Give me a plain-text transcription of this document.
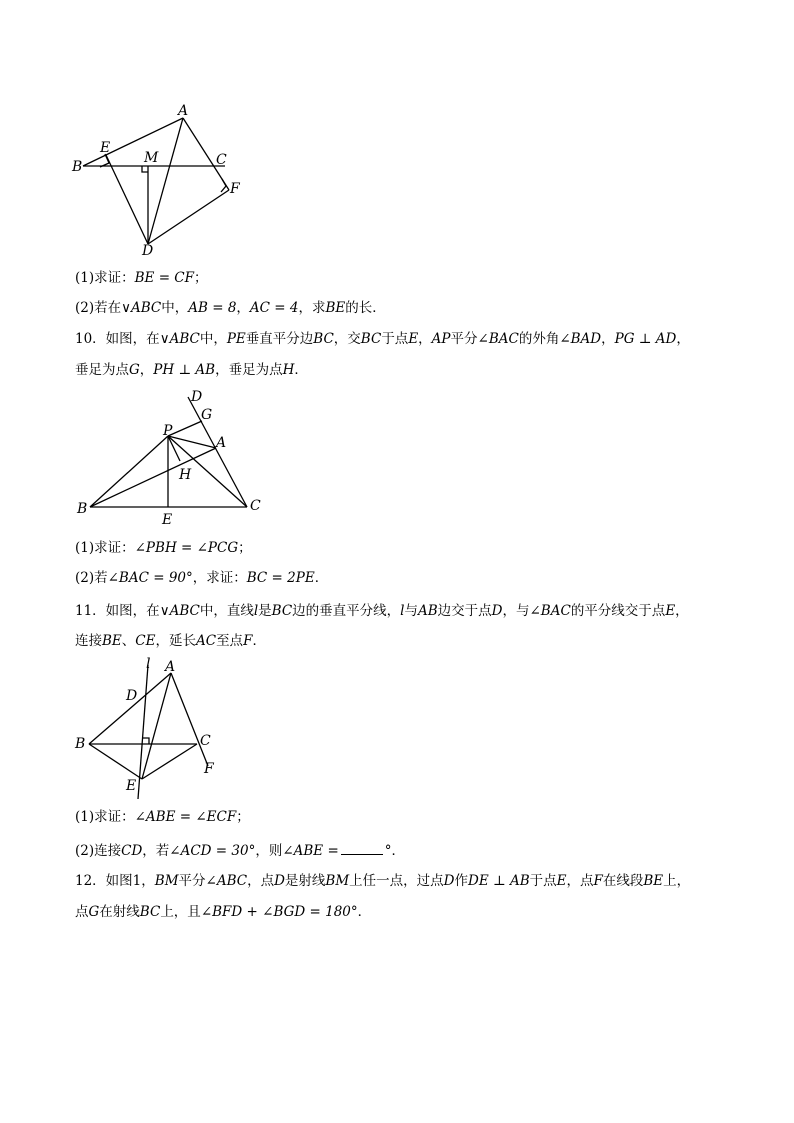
A
B	C
D
E
F
M
(1)求证：BE = CF；
(2)若在∨ABC中，AB = 8，AC = 4，求BE的长．
10．如图，在∨ABC中，PE垂直平分边BC，交BC于点E，AP平分∠BAC的外角∠BAD，PG ⊥ AD，
垂足为点G，PH ⊥ AB，垂足为点H．
P
D
G
A
H
B	C
E
(1)求证：∠PBH = ∠PCG；
(2)若∠BAC = 90°，求证：BC = 2PE．
11．如图，在∨ABC中，直线l是BC边的垂直平分线，l与AB边交于点D，与∠BAC的平分线交于点E，
连接BE、CE，延长AC至点F．
l A
D
B	C
F
E
(1)求证：∠ABE = ∠ECF；
(2)连接CD，若∠ACD = 30°，则∠ABE =	°．
12．如图1，BM平分∠ABC，点D是射线BM上任一点，过点D作DE ⊥ AB于点E，点F在线段BE上，
点G在射线BC上，且∠BFD + ∠BGD = 180°．
